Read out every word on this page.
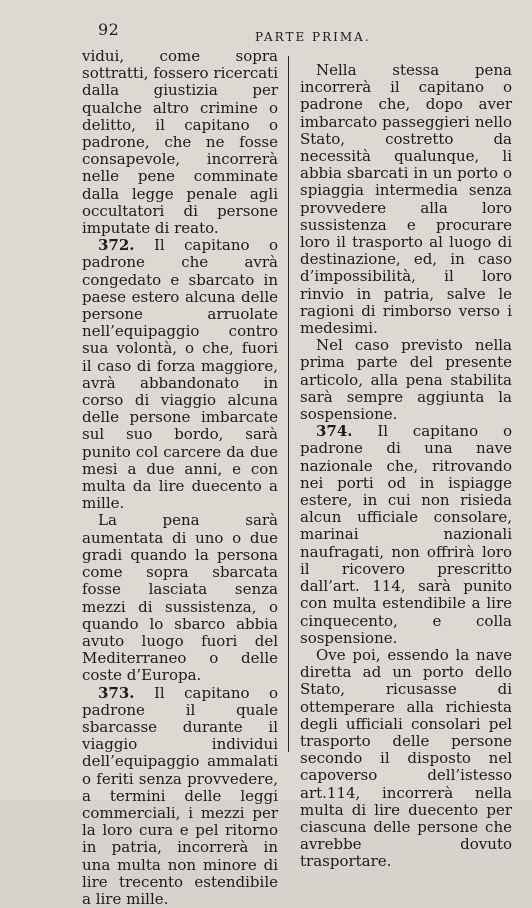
92	PARTE PRIMA.

vidui, come sopra sottratti, fossero ricercati dalla giustizia per qualche altro crimine o delitto, il capitano o padrone, che ne fosse consapevole, incorrerà nelle pene comminate dalla legge penale agli occultatori di persone imputate di reato.

372. Il capitano o padrone che avrà congedato e sbarcato in paese estero alcuna delle persone arruolate nell’equipaggio contro sua volontà, o che, fuori il caso di forza maggiore, avrà abbandonato in corso di viaggio alcuna delle persone imbarcate sul suo bordo, sarà punito col carcere da due mesi a due anni, e con multa da lire duecento a mille.

La pena sarà aumentata di uno o due gradi quando la persona come sopra sbarcata fosse lasciata senza mezzi di sussistenza, o quando lo sbarco abbia avuto luogo fuori del Mediterraneo o delle coste d’Europa.

373. Il capitano o padrone il quale sbarcasse durante il viaggio individui dell’equipaggio ammalati o feriti senza provvedere, a termini delle leggi commerciali, i mezzi per la loro cura e pel ritorno in patria, incorrerà in una multa non minore di lire trecento estendibile a lire mille.

Nella stessa pena incorrerà il capitano o padrone che, dopo aver imbarcato passeggieri nello Stato, costretto da necessità qualunque, li abbia sbarcati in un porto o spiaggia intermedia senza provvedere alla loro sussistenza e procurare loro il trasporto al luogo di destinazione, ed, in caso d’impossibilità, il loro rinvio in patria, salve le ragioni di rimborso verso i medesimi.

Nel caso previsto nella prima parte del presente articolo, alla pena stabilita sarà sempre aggiunta la sospensione.

374. Il capitano o padrone di una nave nazionale che, ritrovando nei porti od in ispiagge estere, in cui non risieda alcun ufficiale consolare, marinai nazionali naufragati, non offrirà loro il ricovero prescritto dall’art. 114, sarà punito con multa estendibile a lire cinquecento, e colla sospensione.

Ove poi, essendo la nave diretta ad un porto dello Stato, ricusasse di ottemperare alla richiesta degli ufficiali consolari pel trasporto delle persone secondo il disposto nel capoverso dell’istesso art.114, incorrerà nella multa di lire duecento per ciascuna delle persone che avrebbe dovuto trasportare.
